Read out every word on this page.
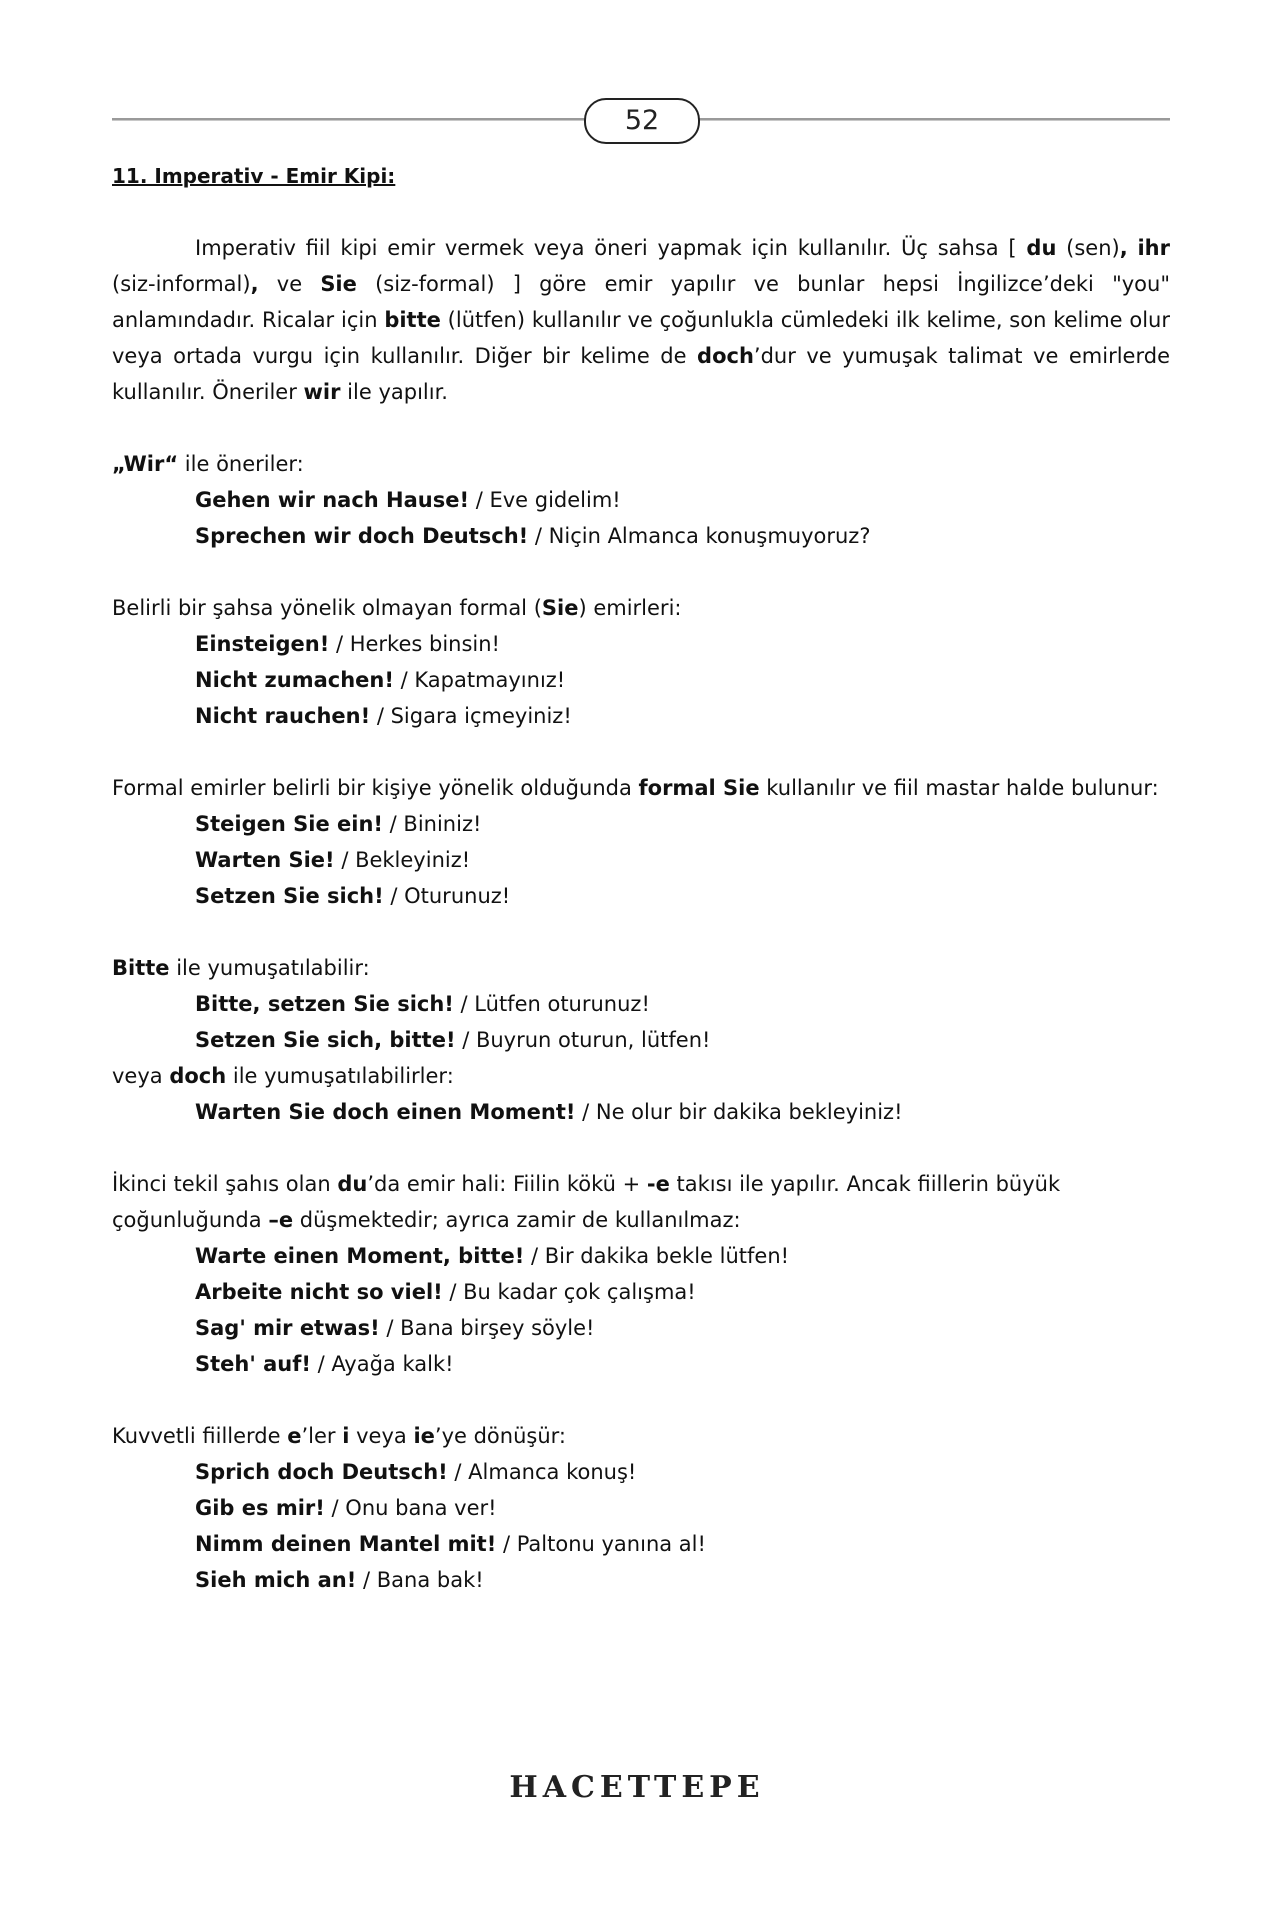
52
11. Imperativ - Emir Kipi:

Imperativ fiil kipi emir vermek veya öneri yapmak için kullanılır. Üç sahsa [ du (sen), ihr (siz-informal), ve Sie (siz-formal) ] göre emir yapılır ve bunlar hepsi İngilizce’deki "you" anlamındadır. Ricalar için bitte (lütfen) kullanılır ve çoğunlukla cümledeki ilk kelime, son kelime olur veya ortada vurgu için kullanılır. Diğer bir kelime de doch’dur ve yumuşak talimat ve emirlerde kullanılır. Öneriler wir ile yapılır.

„Wir“ ile öneriler:

Gehen wir nach Hause! / Eve gidelim!

Sprechen wir doch Deutsch! / Niçin Almanca konuşmuyoruz?

Belirli bir şahsa yönelik olmayan formal (Sie) emirleri:

Einsteigen! / Herkes binsin!

Nicht zumachen! / Kapatmayınız!

Nicht rauchen! / Sigara içmeyiniz!

Formal emirler belirli bir kişiye yönelik olduğunda formal Sie kullanılır ve fiil mastar halde bulunur:

Steigen Sie ein! / Bininiz!

Warten Sie! / Bekleyiniz!

Setzen Sie sich! / Oturunuz!

Bitte ile yumuşatılabilir:

Bitte, setzen Sie sich! / Lütfen oturunuz!

Setzen Sie sich, bitte! / Buyrun oturun, lütfen!

veya doch ile yumuşatılabilirler:

Warten Sie doch einen Moment! / Ne olur bir dakika bekleyiniz!

İkinci tekil şahıs olan du’da emir hali: Fiilin kökü + -e takısı ile yapılır. Ancak fiillerin büyük

çoğunluğunda –e düşmektedir; ayrıca zamir de kullanılmaz:

Warte einen Moment, bitte! / Bir dakika bekle lütfen!

Arbeite nicht so viel! / Bu kadar çok çalışma!

Sag' mir etwas! / Bana birşey söyle!

Steh' auf! / Ayağa kalk!

Kuvvetli fiillerde e’ler i veya ie’ye dönüşür:

Sprich doch Deutsch! / Almanca konuş!

Gib es mir! / Onu bana ver!

Nimm deinen Mantel mit! / Paltonu yanına al!

Sieh mich an! / Bana bak!

HACETTEPE
